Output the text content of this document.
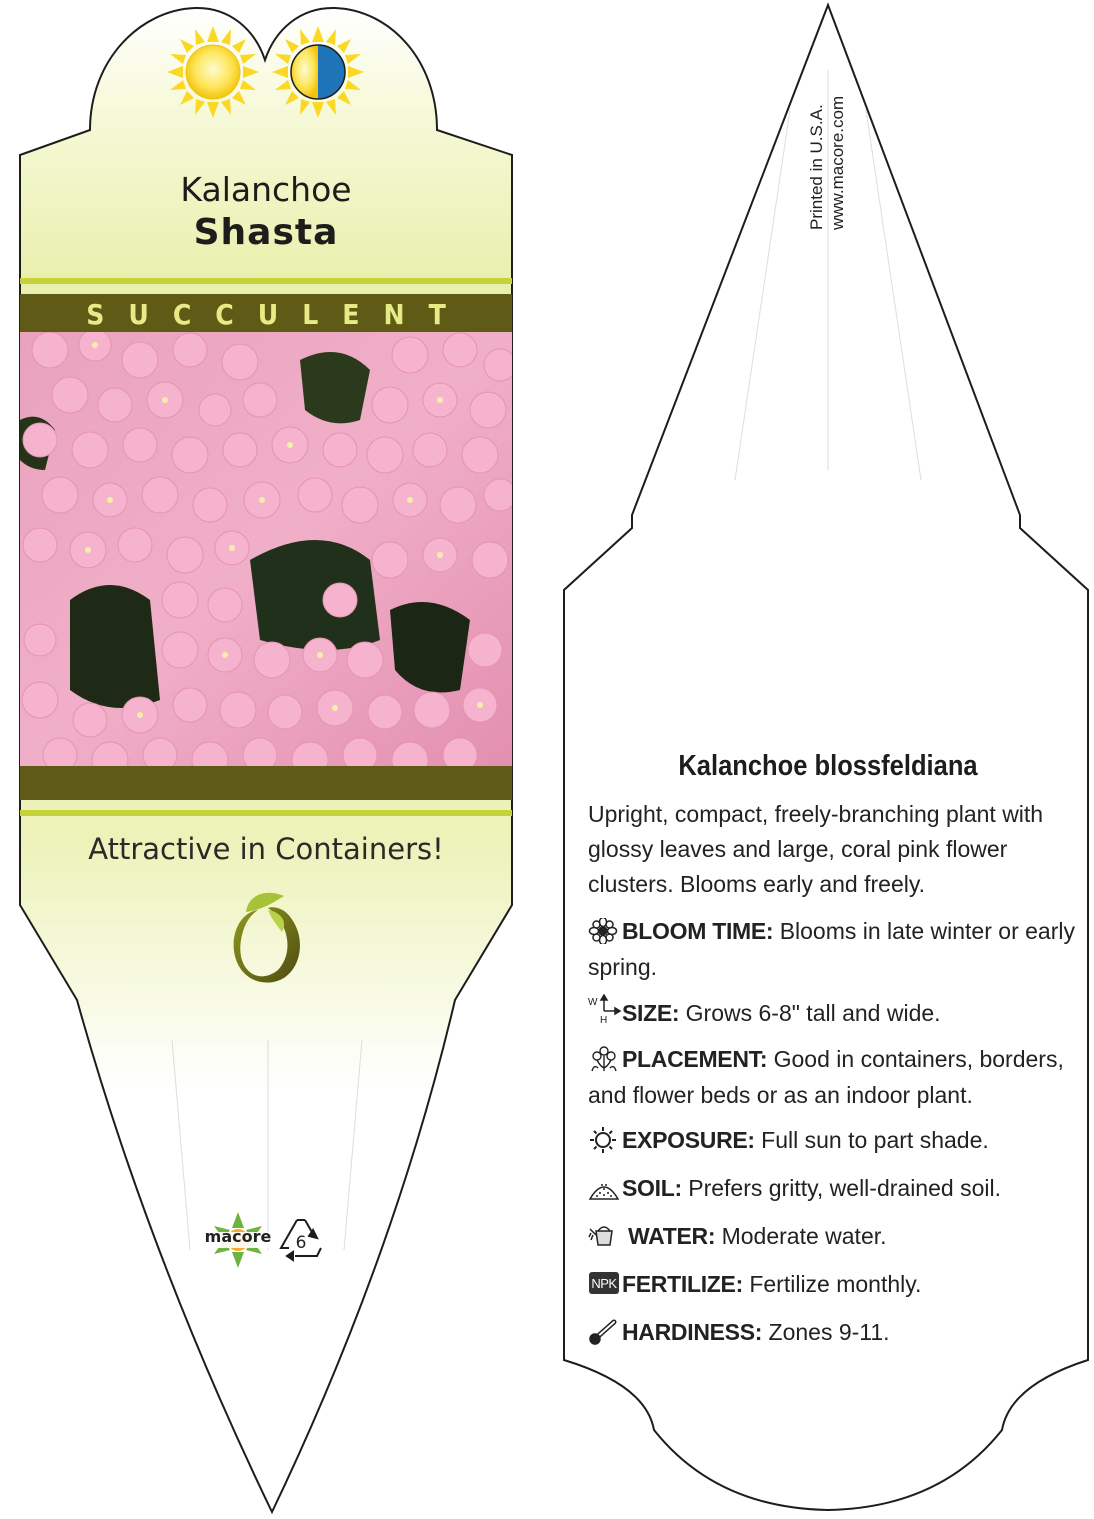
Kalanchoe
Shasta
SUCCULENT
Attractive in Containers!
macore 6
Printed in U.S.A. www.macore.com
Kalanchoe blossfeldiana
Upright, compact, freely-branching plant with glossy leaves and large, coral pink flower clusters. Blooms early and freely.
BLOOM TIME: Blooms in late winter or early spring.
W
H SIZE: Grows 6-8" tall and wide.
PLACEMENT: Good in containers, borders, and flower beds or as an indoor plant.
EXPOSURE: Full sun to part shade.
SOIL: Prefers gritty, well-drained soil.
WATER: Moderate water.
NPK FERTILIZE: Fertilize monthly.
HARDINESS: Zones 9-11.
